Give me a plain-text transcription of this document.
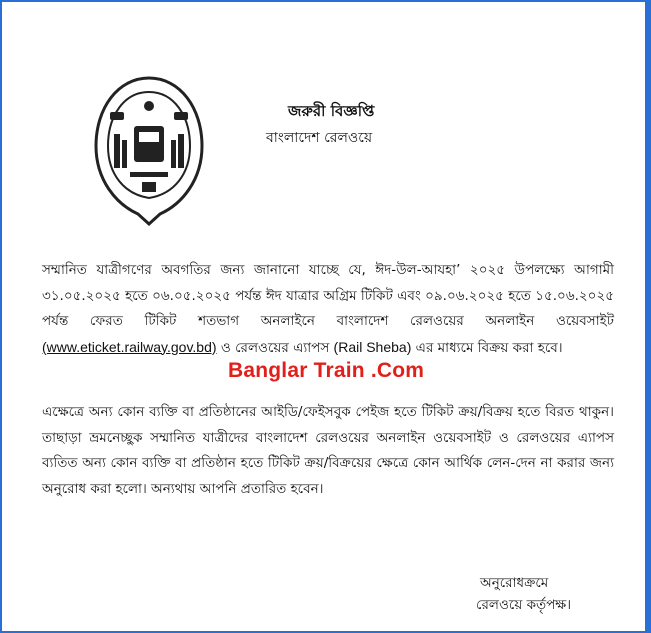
জরুরী বিজ্ঞপ্তি
বাংলাদেশ রেলওয়ে
সম্মানিত যাত্রীগণের অবগতির জন্য জানানো যাচ্ছে যে, ঈদ-উল-আযহা’ ২০২৫ উপলক্ষ্যে আগামী ৩১.০৫.২০২৫ হতে ০৬.০৫.২০২৫ পর্যন্ত ঈদ যাত্রার অগ্রিম টিকিট এবং ০৯.০৬.২০২৫ হতে ১৫.০৬.২০২৫ পর্যন্ত ফেরত টিকিট শতভাগ অনলাইনে বাংলাদেশ রেলওয়ের অনলাইন ওয়েবসাইট (www.eticket.railway.gov.bd) ও রেলওয়ের এ্যাপস (Rail Sheba) এর মাধ্যমে বিক্রয় করা হবে।
Banglar Train .Com
এক্ষেত্রে অন্য কোন ব্যক্তি বা প্রতিষ্ঠানের আইডি/ফেইসবুক পেইজ হতে টিকিট ক্রয়/বিক্রয় হতে বিরত থাকুন। তাছাড়া ভ্রমনেচ্ছুক সম্মানিত যাত্রীদের বাংলাদেশ রেলওয়ের অনলাইন ওয়েবসাইট ও রেলওয়ের এ্যাপস ব্যতিত অন্য কোন ব্যক্তি বা প্রতিষ্ঠান হতে টিকিট ক্রয়/বিক্রয়ের ক্ষেত্রে কোন আর্থিক লেন-দেন না করার জন্য অনুরোধ করা হলো। অন্যথায় আপনি প্রতারিত হবেন।
অনুরোধক্রমে
রেলওয়ে কর্তৃপক্ষ।
